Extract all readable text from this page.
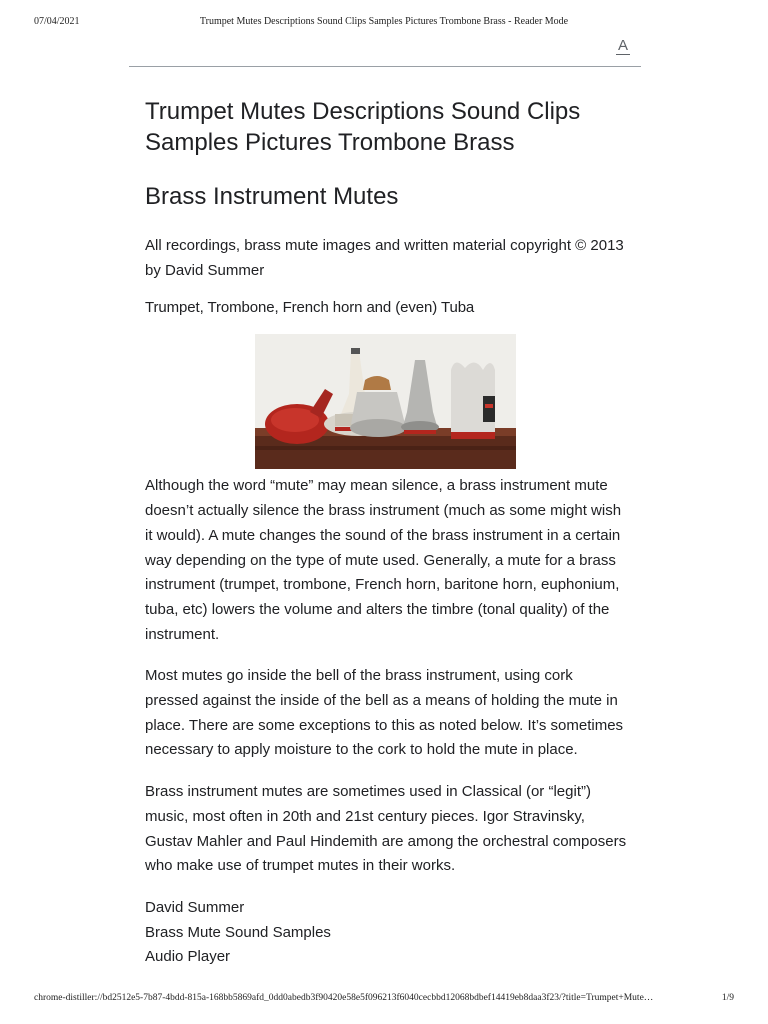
07/04/2021	Trumpet Mutes Descriptions Sound Clips Samples Pictures Trombone Brass - Reader Mode
A
Trumpet Mutes Descriptions Sound Clips Samples Pictures Trombone Brass
Brass Instrument Mutes

All recordings, brass mute images and written material copyright © 2013 by David Summer

Trumpet, Trombone, French horn and (even) Tuba

Although the word “mute” may mean silence, a brass instrument mute doesn’t actually silence the brass instrument (much as some might wish it would). A mute changes the sound of the brass instrument in a certain way depending on the type of mute used. Generally, a mute for a brass instrument (trumpet, trombone, French horn, baritone horn, euphonium, tuba, etc) lowers the volume and alters the timbre (tonal quality) of the instrument.

Most mutes go inside the bell of the brass instrument, using cork pressed against the inside of the bell as a means of holding the mute in place. There are some exceptions to this as noted below. It’s sometimes necessary to apply moisture to the cork to hold the mute in place.

Brass instrument mutes are sometimes used in Classical (or “legit”) music, most often in 20th and 21st century pieces. Igor Stravinsky, Gustav Mahler and Paul Hindemith are among the orchestral composers who make use of trumpet mutes in their works.

David Summer

Brass Mute Sound Samples

Audio Player

chrome-distiller://bd2512e5-7b87-4bdd-815a-168bb5869afd_0dd0abedb3f90420e58e5f096213f6040cecbbd12068bdbef14419eb8daa3f23/?title=Trumpet+Mute…	1/9
